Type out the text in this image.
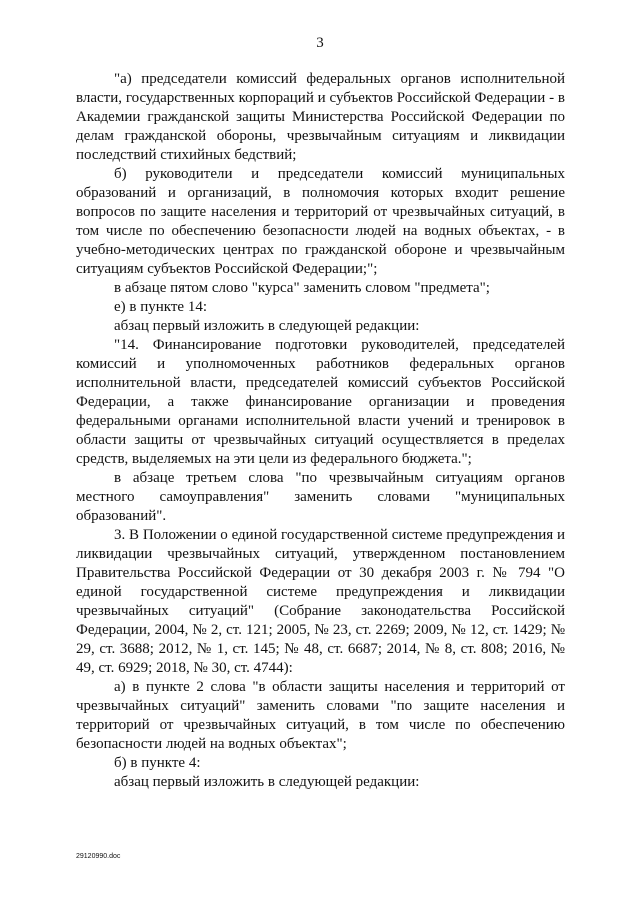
3

"а) председатели комиссий федеральных органов исполнительной власти, государственных корпораций и субъектов Российской Федерации - в Академии гражданской защиты Министерства Российской Федерации по делам гражданской обороны, чрезвычайным ситуациям и ликвидации последствий стихийных бедствий;

б) руководители и председатели комиссий муниципальных образований и организаций, в полномочия которых входит решение вопросов по защите населения и территорий от чрезвычайных ситуаций, в том числе по обеспечению безопасности людей на водных объектах, - в учебно-методических центрах по гражданской обороне и чрезвычайным ситуациям субъектов Российской Федерации;";

в абзаце пятом слово "курса" заменить словом "предмета";

е) в пункте 14:

абзац первый изложить в следующей редакции:

"14. Финансирование подготовки руководителей, председателей комиссий и уполномоченных работников федеральных органов исполнительной власти, председателей комиссий субъектов Российской Федерации, а также финансирование организации и проведения федеральными органами исполнительной власти учений и тренировок в области защиты от чрезвычайных ситуаций осуществляется в пределах средств, выделяемых на эти цели из федерального бюджета.";

в абзаце третьем слова "по чрезвычайным ситуациям органов местного самоуправления" заменить словами "муниципальных образований".

3. В Положении о единой государственной системе предупреждения и ликвидации чрезвычайных ситуаций, утвержденном постановлением Правительства Российской Федерации от 30 декабря 2003 г. № 794 "О единой государственной системе предупреждения и ликвидации чрезвычайных ситуаций" (Собрание законодательства Российской Федерации, 2004, № 2, ст. 121; 2005, № 23, ст. 2269; 2009, № 12, ст. 1429; № 29, ст. 3688; 2012, № 1, ст. 145; № 48, ст. 6687; 2014, № 8, ст. 808; 2016, № 49, ст. 6929; 2018, № 30, ст. 4744):

а) в пункте 2 слова "в области защиты населения и территорий от чрезвычайных ситуаций" заменить словами "по защите населения и территорий от чрезвычайных ситуаций, в том числе по обеспечению безопасности людей на водных объектах";

б) в пункте 4:

абзац первый изложить в следующей редакции:

29120990.doc
